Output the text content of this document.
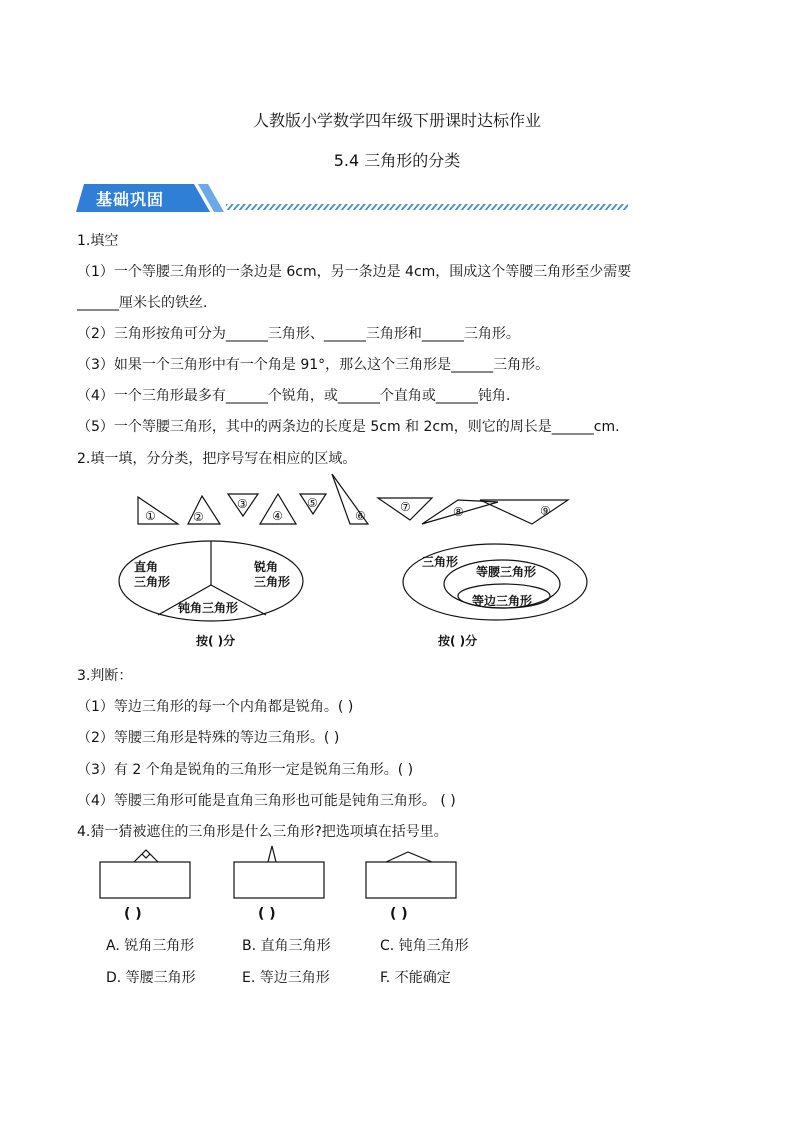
人教版小学数学四年级下册课时达标作业
5.4 三角形的分类
基础巩固
1.填空
（1）一个等腰三角形的一条边是 6cm，另一条边是 4cm，围成这个等腰三角形至少需要
______厘米长的铁丝.
（2）三角形按角可分为______三角形、______三角形和______三角形。
（3）如果一个三角形中有一个角是 91°，那么这个三角形是______三角形。
（4）一个三角形最多有______个锐角，或______个直角或______钝角.
（5）一个等腰三角形，其中的两条边的长度是 5cm 和 2cm，则它的周长是______cm.
2.填一填，分分类，把序号写在相应的区域。
①	②
③
④
⑤
⑥
⑦	⑧	⑨
直角
三角形
锐角
三角形
钝角三角形
按( )分
三角形
等腰三角形
等边三角形
按( )分
3.判断：
（1）等边三角形的每一个内角都是锐角。( )
（2）等腰三角形是特殊的等边三角形。( )
（3）有 2 个角是锐角的三角形一定是锐角三角形。( )
（4）等腰三角形可能是直角三角形也可能是钝角三角形。 ( )
4.猜一猜被遮住的三角形是什么三角形?把选项填在括号里。
( )	( )	( )
A. 锐角三角形	B. 直角三角形	C. 钝角三角形
D. 等腰三角形	E. 等边三角形	F. 不能确定
